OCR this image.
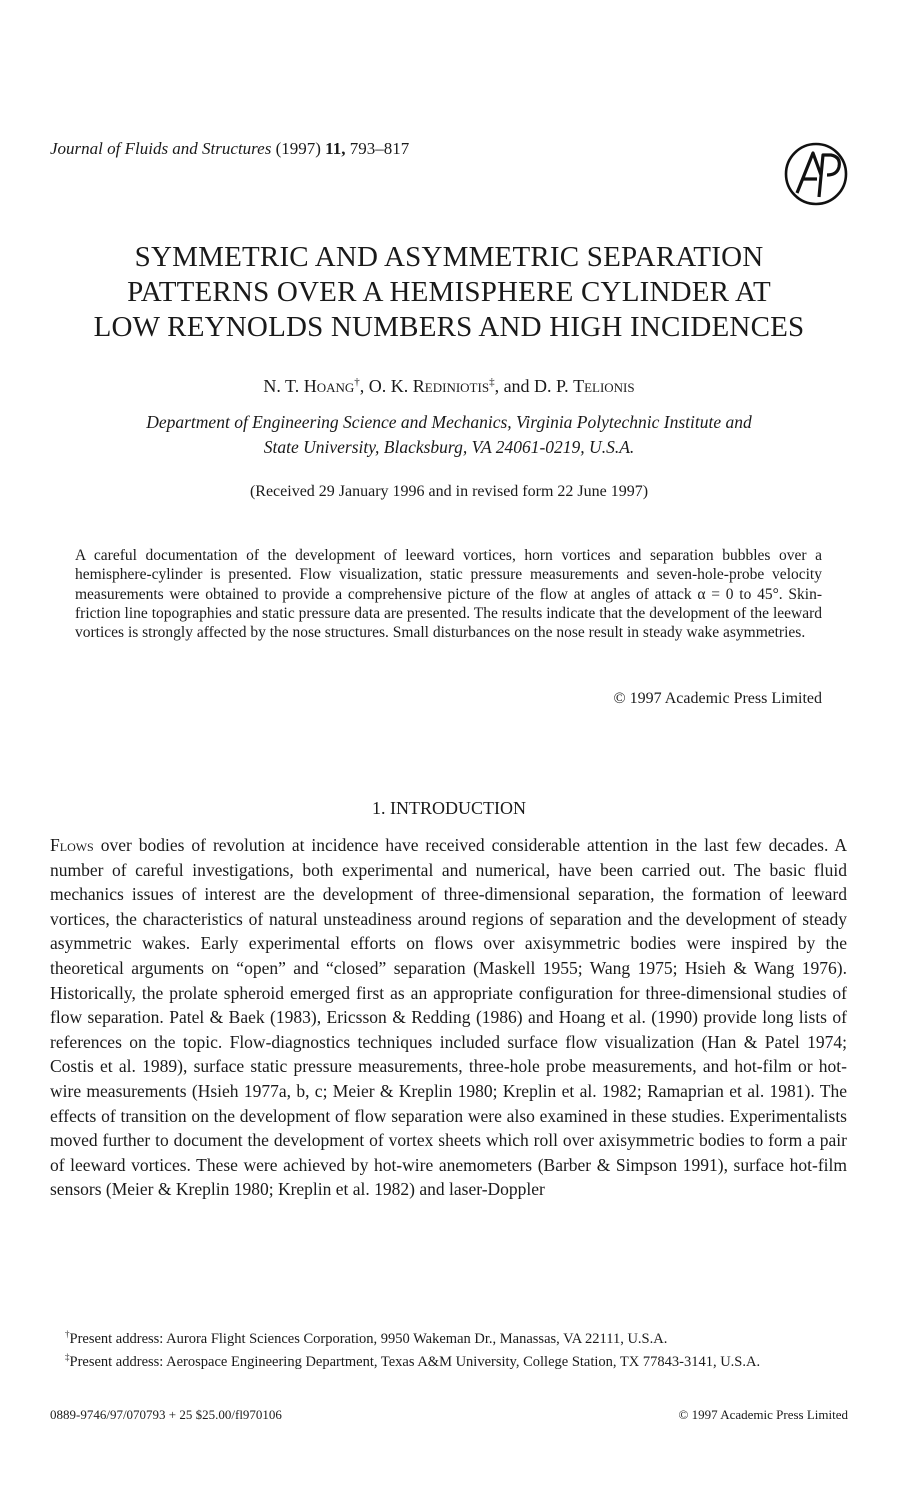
Journal of Fluids and Structures (1997) 11, 793–817
SYMMETRIC AND ASYMMETRIC SEPARATION
PATTERNS OVER A HEMISPHERE CYLINDER AT
LOW REYNOLDS NUMBERS AND HIGH INCIDENCES
N. T. Hoang†, O. K. Rediniotis‡, and D. P. Telionis
Department of Engineering Science and Mechanics, Virginia Polytechnic Institute and
State University, Blacksburg, VA 24061-0219, U.S.A.
(Received 29 January 1996 and in revised form 22 June 1997)
A careful documentation of the development of leeward vortices, horn vortices and separation bubbles over a hemisphere-cylinder is presented. Flow visualization, static pressure measurements and seven-hole-probe velocity measurements were obtained to provide a comprehensive picture of the flow at angles of attack α = 0 to 45°. Skin-friction line topographies and static pressure data are presented. The results indicate that the development of the leeward vortices is strongly affected by the nose structures. Small disturbances on the nose result in steady wake asymmetries.
© 1997 Academic Press Limited
1. INTRODUCTION
Flows over bodies of revolution at incidence have received considerable attention in the last few decades. A number of careful investigations, both experimental and numerical, have been carried out. The basic fluid mechanics issues of interest are the development of three-dimensional separation, the formation of leeward vortices, the characteristics of natural unsteadiness around regions of separation and the development of steady asymmetric wakes. Early experimental efforts on flows over axisymmetric bodies were inspired by the theoretical arguments on “open” and “closed” separation (Maskell 1955; Wang 1975; Hsieh & Wang 1976). Historically, the prolate spheroid emerged first as an appropriate configuration for three-dimensional studies of flow separation. Patel & Baek (1983), Ericsson & Redding (1986) and Hoang et al. (1990) provide long lists of references on the topic. Flow-diagnostics techniques included surface flow visualization (Han & Patel 1974; Costis et al. 1989), surface static pressure measurements, three-hole probe measurements, and hot-film or hot-wire measurements (Hsieh 1977a, b, c; Meier & Kreplin 1980; Kreplin et al. 1982; Ramaprian et al. 1981). The effects of transition on the development of flow separation were also examined in these studies. Experimentalists moved further to document the development of vortex sheets which roll over axisymmetric bodies to form a pair of leeward vortices. These were achieved by hot-wire anemometers (Barber & Simpson 1991), surface hot-film sensors (Meier & Kreplin 1980; Kreplin et al. 1982) and laser-Doppler

†Present address: Aurora Flight Sciences Corporation, 9950 Wakeman Dr., Manassas, VA 22111, U.S.A.

‡Present address: Aerospace Engineering Department, Texas A&M University, College Station, TX 77843-3141, U.S.A.

0889-9746/97/070793 + 25 $25.00/fl970106	© 1997 Academic Press Limited
